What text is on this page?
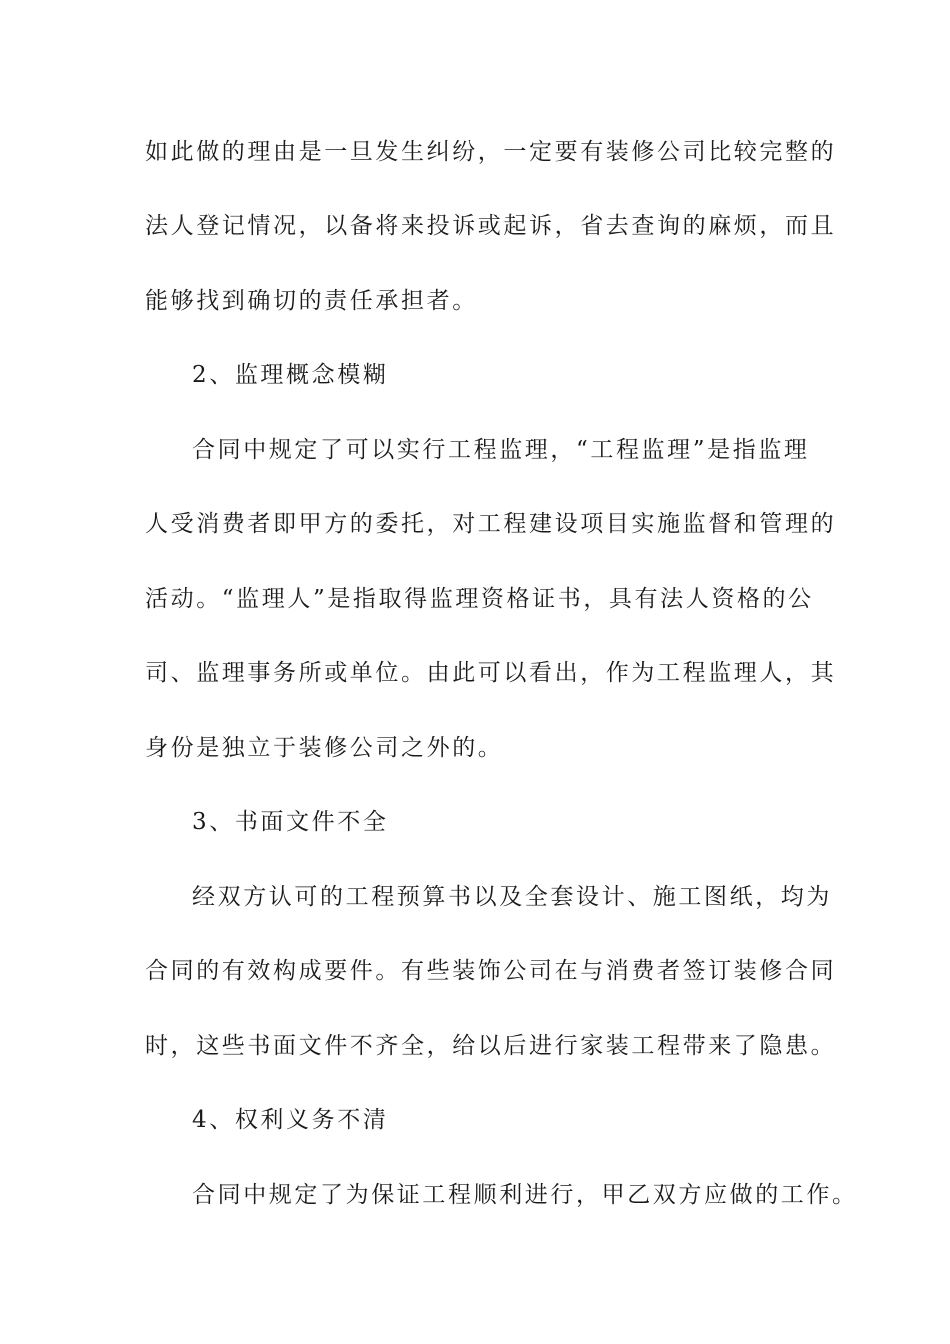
如此做的理由是一旦发生纠纷，一定要有装修公司比较完整的
法人登记情况，以备将来投诉或起诉，省去查询的麻烦，而且
能够找到确切的责任承担者。
2、监理概念模糊
合同中规定了可以实行工程监理，“工程监理”是指监理
人受消费者即甲方的委托，对工程建设项目实施监督和管理的
活动。“监理人”是指取得监理资格证书，具有法人资格的公
司、监理事务所或单位。由此可以看出，作为工程监理人，其
身份是独立于装修公司之外的。
3、书面文件不全
经双方认可的工程预算书以及全套设计、施工图纸，均为
合同的有效构成要件。有些装饰公司在与消费者签订装修合同
时，这些书面文件不齐全，给以后进行家装工程带来了隐患。
4、权利义务不清
合同中规定了为保证工程顺利进行，甲乙双方应做的工作。
